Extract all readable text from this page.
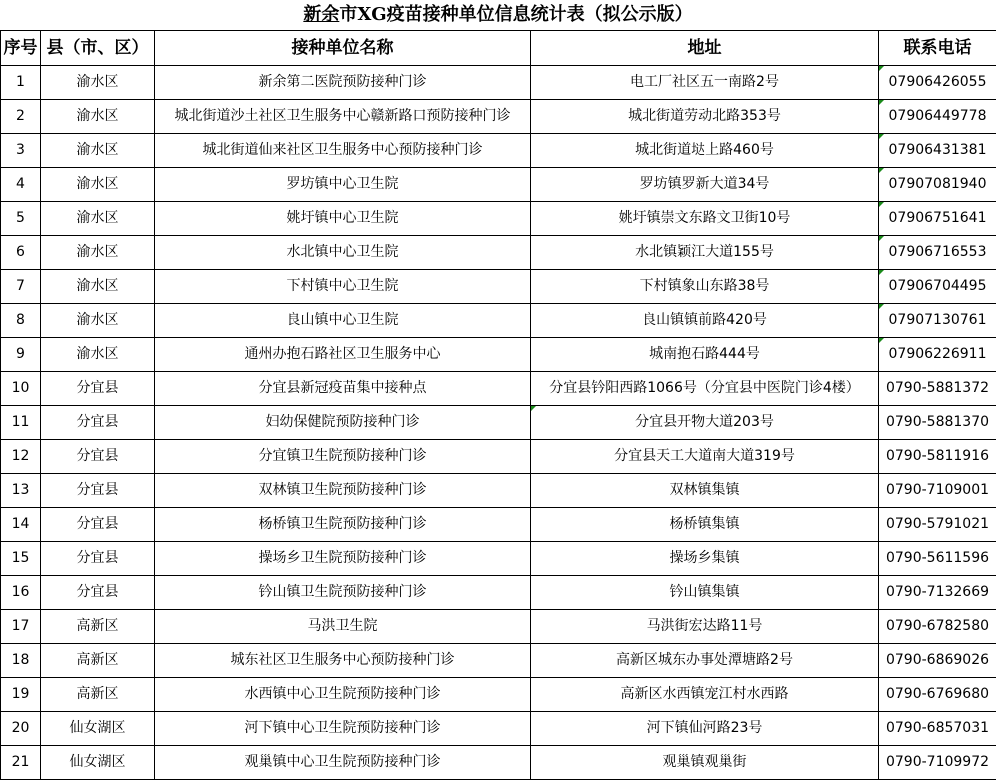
新余市XG疫苗接种单位信息统计表（拟公示版）
序号	县（市、区）	接种单位名称	地址	联系电话
1	渝水区	新余第二医院预防接种门诊	电工厂社区五一南路2号	07906426055

2	渝水区	城北街道沙土社区卫生服务中心赣新路口预防接种门诊	城北街道劳动北路353号	07906449778

3	渝水区	城北街道仙来社区卫生服务中心预防接种门诊	城北街道垯上路460号	07906431381

4	渝水区	罗坊镇中心卫生院	罗坊镇罗新大道34号	07907081940

5	渝水区	姚圩镇中心卫生院	姚圩镇崇文东路文卫街10号	07906751641

6	渝水区	水北镇中心卫生院	水北镇颖江大道155号	07906716553

7	渝水区	下村镇中心卫生院	下村镇象山东路38号	07906704495

8	渝水区	良山镇中心卫生院	良山镇镇前路420号	07907130761

9	渝水区	通州办抱石路社区卫生服务中心	城南抱石路444号	07906226911

10	分宜县	分宜县新冠疫苗集中接种点	分宜县钤阳西路1066号（分宜县中医院门诊4楼）	0790-5881372
11	分宜县	妇幼保健院预防接种门诊	分宜县开物大道203号	0790-5881370
12	分宜县	分宜镇卫生院预防接种门诊	分宜县天工大道南大道319号	0790-5811916
13	分宜县	双林镇卫生院预防接种门诊	双林镇集镇	0790-7109001
14	分宜县	杨桥镇卫生院预防接种门诊	杨桥镇集镇	0790-5791021
15	分宜县	操场乡卫生院预防接种门诊	操场乡集镇	0790-5611596
16	分宜县	钤山镇卫生院预防接种门诊	钤山镇集镇	0790-7132669
17	高新区	马洪卫生院	马洪街宏达路11号	0790-6782580
18	高新区	城东社区卫生服务中心预防接种门诊	高新区城东办事处潭塘路2号	0790-6869026
19	高新区	水西镇中心卫生院预防接种门诊	高新区水西镇宠江村水西路	0790-6769680
20	仙女湖区	河下镇中心卫生院预防接种门诊	河下镇仙河路23号	0790-6857031
21	仙女湖区	观巢镇中心卫生院预防接种门诊	观巢镇观巢街	0790-7109972
